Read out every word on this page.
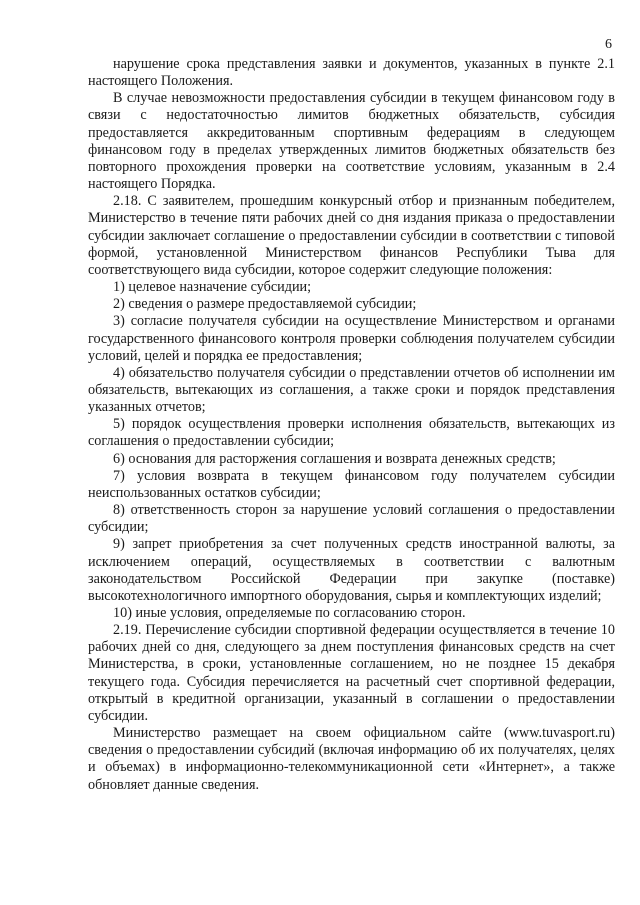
6

нарушение срока представления заявки и документов, указанных в пункте 2.1 настоящего Положения.

В случае невозможности предоставления субсидии в текущем финансовом году в связи с недостаточностью лимитов бюджетных обязательств, субсидия предоставляется аккредитованным спортивным федерациям в следующем финансовом году в пределах утвержденных лимитов бюджетных обязательств без повторного прохождения проверки на соответствие условиям, указанным в 2.4 настоящего Порядка.

2.18. С заявителем, прошедшим конкурсный отбор и признанным победителем, Министерство в течение пяти рабочих дней со дня издания приказа о предоставлении субсидии заключает соглашение о предоставлении субсидии в соответствии с типовой формой, установленной Министерством финансов Республики Тыва для соответствующего вида субсидии, которое содержит следующие положения:

1) целевое назначение субсидии;

2) сведения о размере предоставляемой субсидии;

3) согласие получателя субсидии на осуществление Министерством и органами государственного финансового контроля проверки соблюдения получателем субсидии условий, целей и порядка ее предоставления;

4) обязательство получателя субсидии о представлении отчетов об исполнении им обязательств, вытекающих из соглашения, а также сроки и порядок представления указанных отчетов;

5) порядок осуществления проверки исполнения обязательств, вытекающих из соглашения о предоставлении субсидии;

6) основания для расторжения соглашения и возврата денежных средств;

7) условия возврата в текущем финансовом году получателем субсидии неиспользованных остатков субсидии;

8) ответственность сторон за нарушение условий соглашения о предоставлении субсидии;

9) запрет приобретения за счет полученных средств иностранной валюты, за исключением операций, осуществляемых в соответствии с валютным законодательством Российской Федерации при закупке (поставке) высокотехнологичного импортного оборудования, сырья и комплектующих изделий;

10) иные условия, определяемые по согласованию сторон.

2.19. Перечисление субсидии спортивной федерации осуществляется в течение 10 рабочих дней со дня, следующего за днем поступления финансовых средств на счет Министерства, в сроки, установленные соглашением, но не позднее 15 декабря текущего года. Субсидия перечисляется на расчетный счет спортивной федерации, открытый в кредитной организации, указанный в соглашении о предоставлении субсидии.

Министерство размещает на своем официальном сайте (www.tuvasport.ru) сведения о предоставлении субсидий (включая информацию об их получателях, целях и объемах) в информационно-телекоммуникационной сети «Интернет», а также обновляет данные сведения.
